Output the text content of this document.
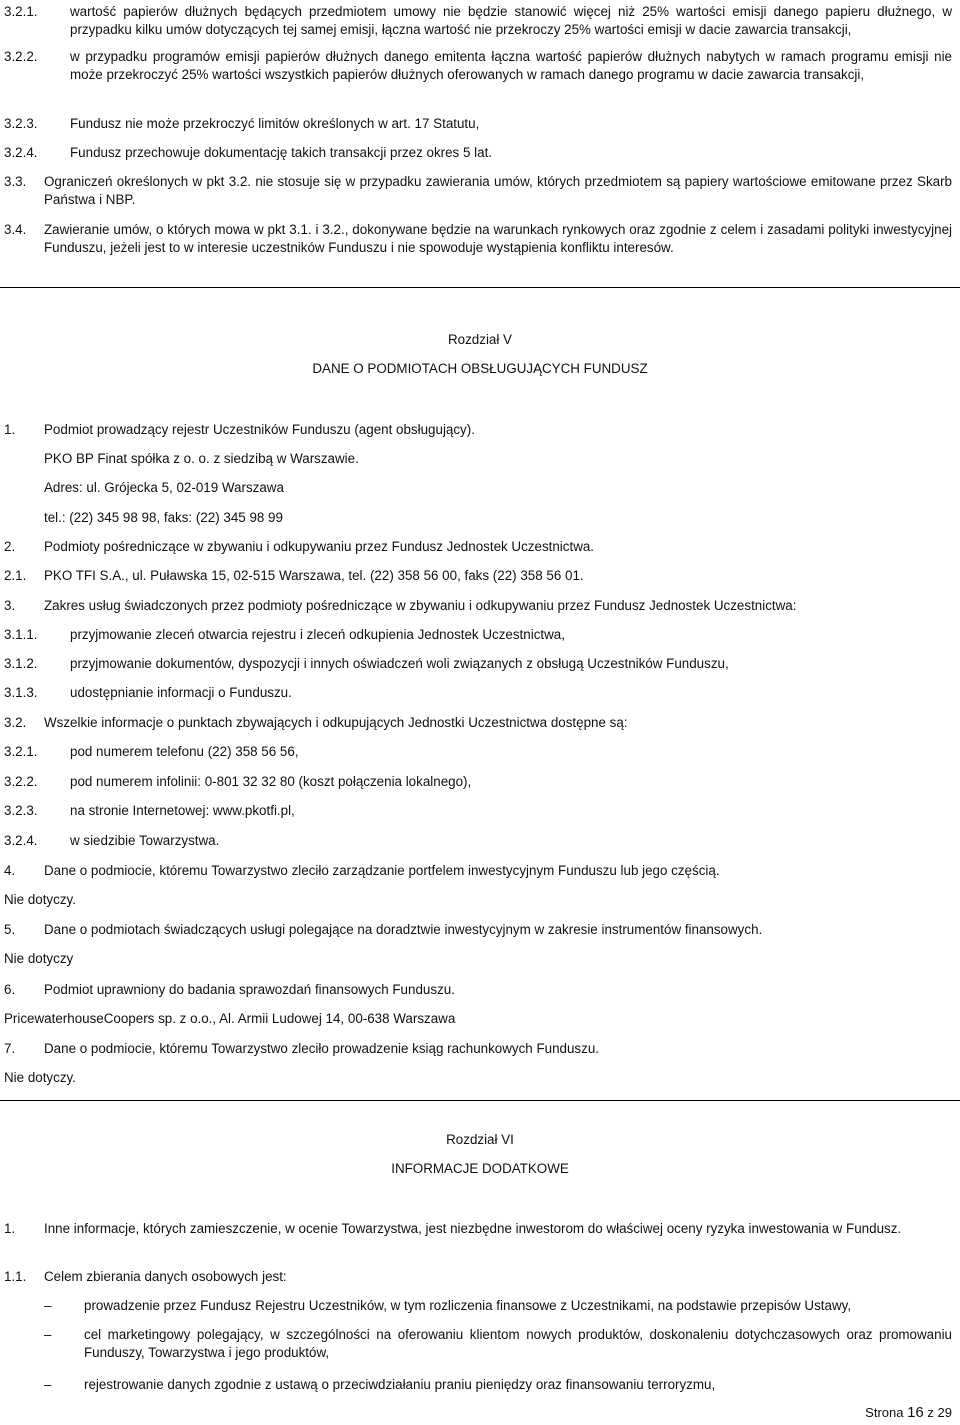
3.2.1. wartość papierów dłużnych będących przedmiotem umowy nie będzie stanowić więcej niż 25% wartości emisji danego papieru dłużnego, w przypadku kilku umów dotyczących tej samej emisji, łączna wartość nie przekroczy 25% wartości emisji w dacie zawarcia transakcji,
3.2.2. w przypadku programów emisji papierów dłużnych danego emitenta łączna wartość papierów dłużnych nabytych w ramach programu emisji nie może przekroczyć 25% wartości wszystkich papierów dłużnych oferowanych w ramach danego programu w dacie zawarcia transakcji,
3.2.3. Fundusz nie może przekroczyć limitów określonych w art. 17 Statutu,
3.2.4. Fundusz przechowuje dokumentację takich transakcji przez okres 5 lat.
3.3. Ograniczeń określonych w pkt 3.2. nie stosuje się w przypadku zawierania umów, których przedmiotem są papiery wartościowe emitowane przez Skarb Państwa i NBP.
3.4. Zawieranie umów, o których mowa w pkt 3.1. i 3.2., dokonywane będzie na warunkach rynkowych oraz zgodnie z celem i zasadami polityki inwestycyjnej Funduszu, jeżeli jest to w interesie uczestników Funduszu i nie spowoduje wystąpienia konfliktu interesów.
Rozdział V
DANE O PODMIOTACH OBSŁUGUJĄCYCH FUNDUSZ
1. Podmiot prowadzący rejestr Uczestników Funduszu (agent obsługujący).
PKO BP Finat spółka z o. o. z siedzibą w Warszawie.
Adres: ul. Grójecka 5, 02-019 Warszawa
tel.: (22) 345 98 98, faks: (22) 345 98 99
2. Podmioty pośredniczące w zbywaniu i odkupywaniu przez Fundusz Jednostek Uczestnictwa.
2.1. PKO TFI S.A., ul. Puławska 15, 02-515 Warszawa, tel. (22) 358 56 00, faks (22) 358 56 01.
3. Zakres usług świadczonych przez podmioty pośredniczące w zbywaniu i odkupywaniu przez Fundusz Jednostek Uczestnictwa:
3.1.1. przyjmowanie zleceń otwarcia rejestru i zleceń odkupienia Jednostek Uczestnictwa,
3.1.2. przyjmowanie dokumentów, dyspozycji i innych oświadczeń woli związanych z obsługą Uczestników Funduszu,
3.1.3. udostępnianie informacji o Funduszu.
3.2. Wszelkie informacje o punktach zbywających i odkupujących Jednostki Uczestnictwa dostępne są:
3.2.1. pod numerem telefonu (22) 358 56 56,
3.2.2. pod numerem infolinii: 0-801 32 32 80 (koszt połączenia lokalnego),
3.2.3. na stronie Internetowej: www.pkotfi.pl,
3.2.4. w siedzibie Towarzystwa.
4. Dane o podmiocie, któremu Towarzystwo zleciło zarządzanie portfelem inwestycyjnym Funduszu lub jego częścią.
Nie dotyczy.
5. Dane o podmiotach świadczących usługi polegające na doradztwie inwestycyjnym w zakresie instrumentów finansowych.
Nie dotyczy
6. Podmiot uprawniony do badania sprawozdań finansowych Funduszu.
PricewaterhouseCoopers sp. z o.o., Al. Armii Ludowej 14, 00-638 Warszawa
7. Dane o podmiocie, któremu Towarzystwo zleciło prowadzenie ksiąg rachunkowych Funduszu.
Nie dotyczy.
Rozdział VI
INFORMACJE DODATKOWE
1. Inne informacje, których zamieszczenie, w ocenie Towarzystwa, jest niezbędne inwestorom do właściwej oceny ryzyka inwestowania w Fundusz.
1.1. Celem zbierania danych osobowych jest:
– prowadzenie przez Fundusz Rejestru Uczestników, w tym rozliczenia finansowe z Uczestnikami, na podstawie przepisów Ustawy,
– cel marketingowy polegający, w szczególności na oferowaniu klientom nowych produktów, doskonaleniu dotychczasowych oraz promowaniu Funduszy, Towarzystwa i jego produktów,
– rejestrowanie danych zgodnie z ustawą o przeciwdziałaniu praniu pieniędzy oraz finansowaniu terroryzmu,
Strona 16 z 29
